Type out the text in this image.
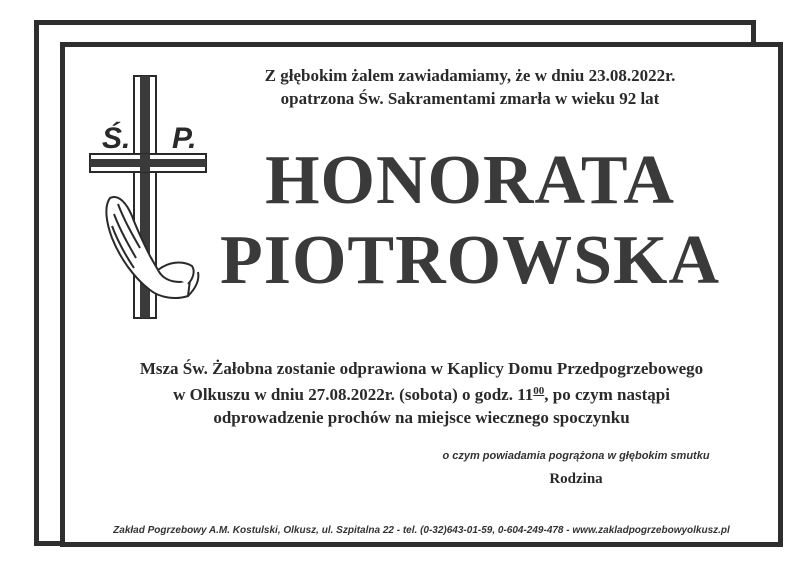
Z głębokim żalem zawiadamiamy, że w dniu 23.08.2022r.
opatrzona Św. Sakramentami zmarła w wieku 92 lat
Ś. P.
HONORATA
PIOTROWSKA
Msza Św. Żałobna zostanie odprawiona w Kaplicy Domu Przedpogrzebowego
w Olkuszu w dniu 27.08.2022r. (sobota) o godz. $11^{00}$, po czym nastąpi
odprowadzenie prochów na miejsce wiecznego spoczynku
o czym powiadamia pogrążona w głębokim smutku
Rodzina
Zakład Pogrzebowy A.M. Kostulski, Olkusz, ul. Szpitalna 22 - tel. (0-32)643-01-59, 0-604-249-478 - www.zakladpogrzebowyolkusz.pl
